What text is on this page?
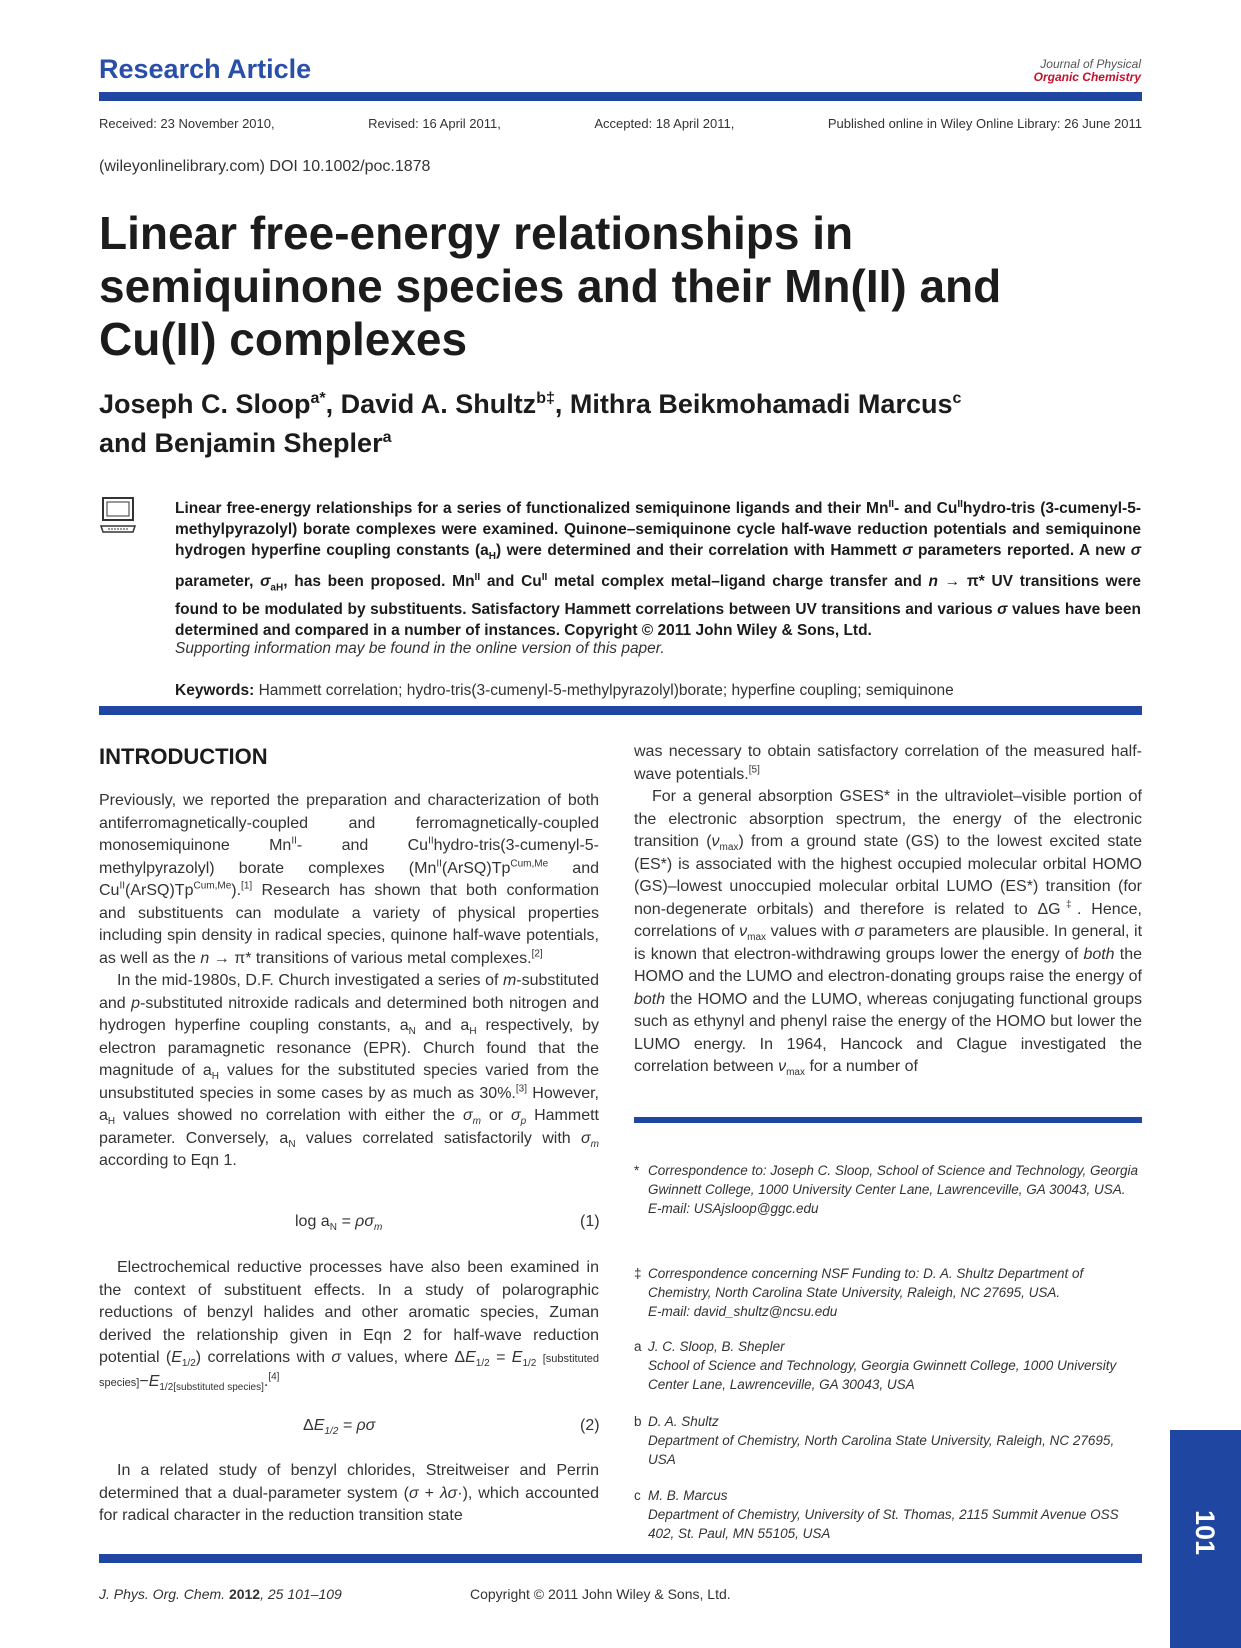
Research Article	Journal of Physical
Organic Chemistry
Received: 23 November 2010,	Revised: 16 April 2011,	Accepted: 18 April 2011,	Published online in Wiley Online Library: 26 June 2011
(wileyonlinelibrary.com) DOI 10.1002/poc.1878
Linear free-energy relationships in semiquinone species and their Mn(II) and Cu(II) complexes
Joseph C. Sloop$^{a*}$, David A. Shultz$^{b\ddagger}$, Mithra Beikmohamadi Marcus$^c$
and Benjamin Shepler$^a$
Linear free-energy relationships for a series of functionalized semiquinone ligands and their $Mn^{II}-$ and $Cu^{II}hydro$-tris (3-cumenyl-5-methylpyrazolyl) borate complexes were examined. Quinone–semiquinone cycle half-wave reduction potentials and semiquinone hydrogen hyperfine coupling constants $(a_H)$ were determined and their correlation with Hammett σ parameters reported. A new σ parameter, $\sigma_{aH}$, has been proposed. $Mn^{II}$ and $Cu^{II}$ metal complex metal–ligand charge transfer and n → π* UV transitions were found to be modulated by substituents. Satisfactory Hammett correlations between UV transitions and various σ values have been determined and compared in a number of instances. Copyright © 2011 John Wiley & Sons, Ltd.
Supporting information may be found in the online version of this paper.
Keywords: Hammett correlation; hydro-tris(3-cumenyl-5-methylpyrazolyl)borate; hyperfine coupling; semiquinone
INTRODUCTION

Previously, we reported the preparation and characterization of both antiferromagnetically-coupled and ferromagnetically-coupled monosemiquinone $Mn^{II}-$ and $Cu^{II}hydro-tris(3-cumenyl-5-methylpyrazolyl)$ borate complexes ($Mn^{II}(ArSQ)Tp^{Cum,Me}$ and $Cu^{II}(ArSQ)Tp^{Cum,Me}).[1]$ Research has shown that both conformation and substituents can modulate a variety of physical properties including spin density in radical species, quinone half-wave potentials, as well as the n → π* transitions of various metal complexes.[2]

In the mid-1980s, D.F. Church investigated a series of m-substituted and p-substituted nitroxide radicals and determined both nitrogen and hydrogen hyperfine coupling constants, $a_N$ and $a_H$ respectively, by electron paramagnetic resonance (EPR). Church found that the magnitude of $a_H$ values for the substituted species varied from the unsubstituted species in some cases by as much as 30%.[3] However, $a_H$ values showed no correlation with either the $\sigma_m$ or $\sigma_p$ Hammett parameter. Conversely, $a_N$ values correlated satisfactorily with $\sigma_m$ according to Eqn 1.

$\log a_N = \rho\sigma_m$	(1)

Electrochemical reductive processes have also been examined in the context of substituent effects. In a study of polarographic reductions of benzyl halides and other aromatic species, Zuman derived the relationship given in Eqn 2 for half-wave reduction potential $(E_{1/2})$ correlations with σ values, where $\Delta E_{1/2} = E_{1/2}$ [substituted $species]-E_{1/2[substituted species]}.[4]$

$\Delta E_{1/2} = \rho\sigma$	(2)

In a related study of benzyl chlorides, Streitweiser and Perrin determined that a dual-parameter system (σ + λσ·), which accounted for radical character in the reduction transition state

was necessary to obtain satisfactory correlation of the measured half-wave potentials.[5]

For a general absorption GSES* in the ultraviolet–visible portion of the electronic absorption spectrum, the energy of the electronic transition $(\nu_{max})$ from a ground state (GS) to the lowest excited state (ES*) is associated with the highest occupied molecular orbital HOMO (GS)–lowest unoccupied molecular orbital LUMO (ES*) transition (for non-degenerate orbitals) and therefore is related to ΔG‡. Hence, correlations of $\nu_{max}$ values with σ parameters are plausible. In general, it is known that electron-withdrawing groups lower the energy of both the HOMO and the LUMO and electron-donating groups raise the energy of both the HOMO and the LUMO, whereas conjugating functional groups such as ethynyl and phenyl raise the energy of the HOMO but lower the LUMO energy. In 1964, Hancock and Clague investigated the correlation between $\nu_{max}$ for a number of

* Correspondence to: Joseph C. Sloop, School of Science and Technology, Georgia Gwinnett College, 1000 University Center Lane, Lawrenceville, GA 30043, USA.
E-mail: USAjsloop@ggc.edu
‡ Correspondence concerning NSF Funding to: D. A. Shultz Department of Chemistry, North Carolina State University, Raleigh, NC 27695, USA.
E-mail: david_shultz@ncsu.edu
a J. C. Sloop, B. Shepler
School of Science and Technology, Georgia Gwinnett College, 1000 University Center Lane, Lawrenceville, GA 30043, USA
b D. A. Shultz
Department of Chemistry, North Carolina State University, Raleigh, NC 27695, USA
c M. B. Marcus
Department of Chemistry, University of St. Thomas, 2115 Summit Avenue OSS 402, St. Paul, MN 55105, USA
J. Phys. Org. Chem. 2012, 25 101–109	Copyright © 2011 John Wiley & Sons, Ltd.
101
